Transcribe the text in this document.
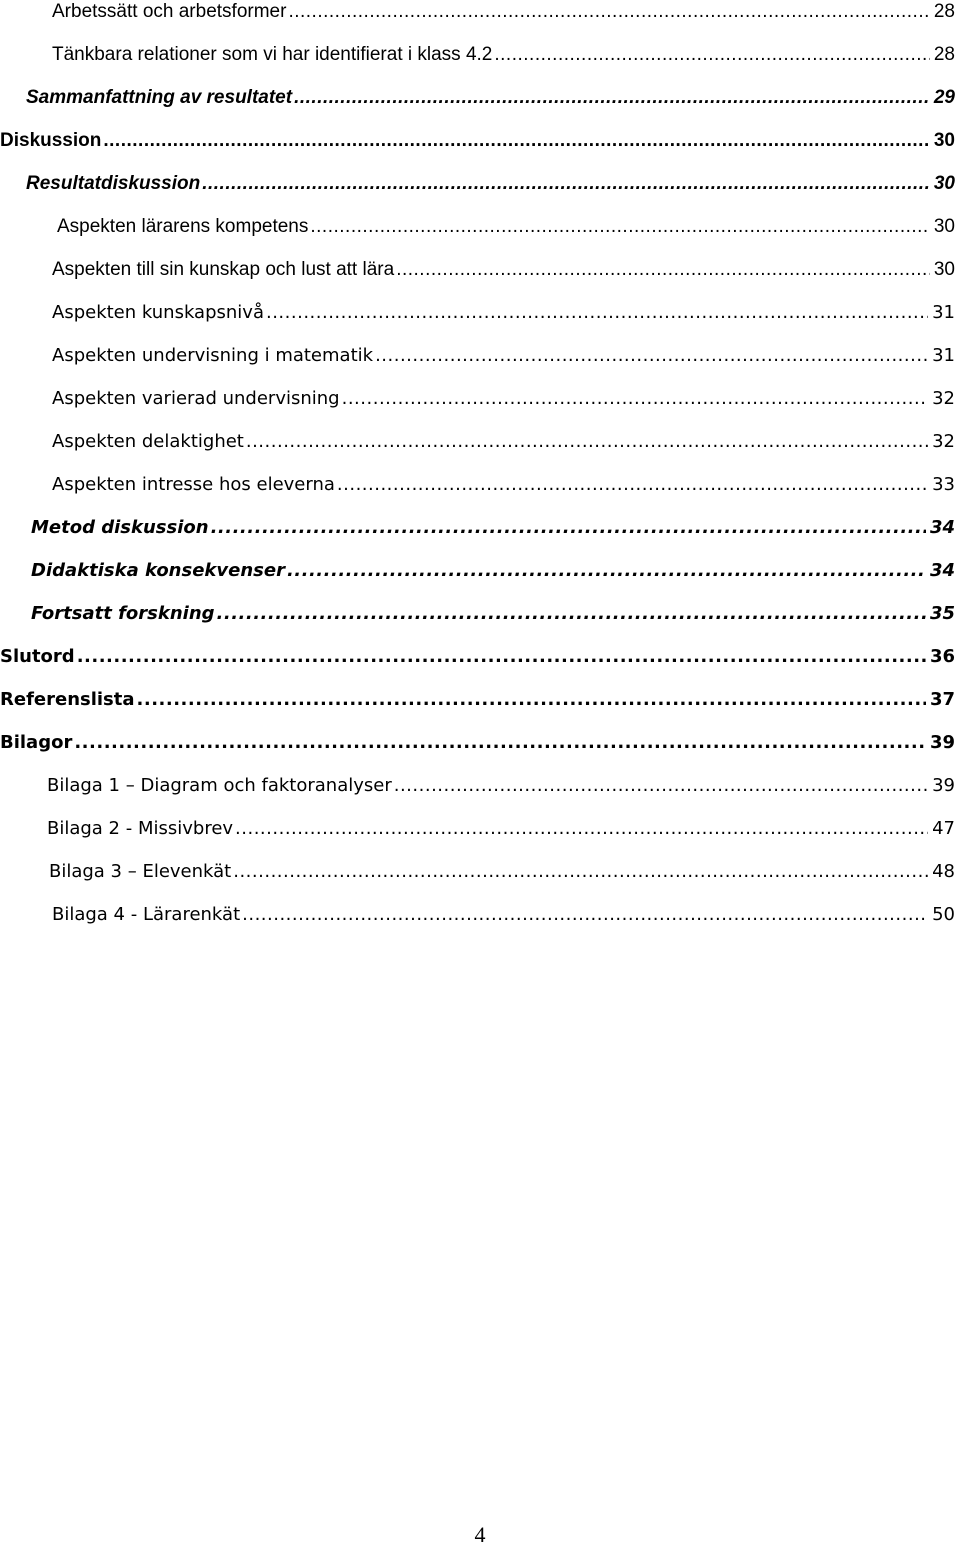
Arbetssätt och arbetsformer .....	28
Tänkbara relationer som vi har identifierat i klass 4.2 .....	28
Sammanfattning av resultatet .....	29
Diskussion .....	30
Resultatdiskussion .....	30
Aspekten lärarens kompetens .....	30
Aspekten till sin kunskap och lust att lära .....	30
Aspekten kunskapsnivå .....	31
Aspekten undervisning i matematik .....	31
Aspekten varierad undervisning .....	32
Aspekten delaktighet .....	32
Aspekten intresse hos eleverna .....	33
Metod diskussion .....	34
Didaktiska konsekvenser .....	34
Fortsatt forskning .....	35
Slutord .....	36
Referenslista .....	37
Bilagor .....	39
Bilaga 1 – Diagram och faktoranalyser .....	39
Bilaga 2 - Missivbrev .....	47
Bilaga 3 – Elevenkät .....	48
Bilaga 4 - Lärarenkät .....	50
4
